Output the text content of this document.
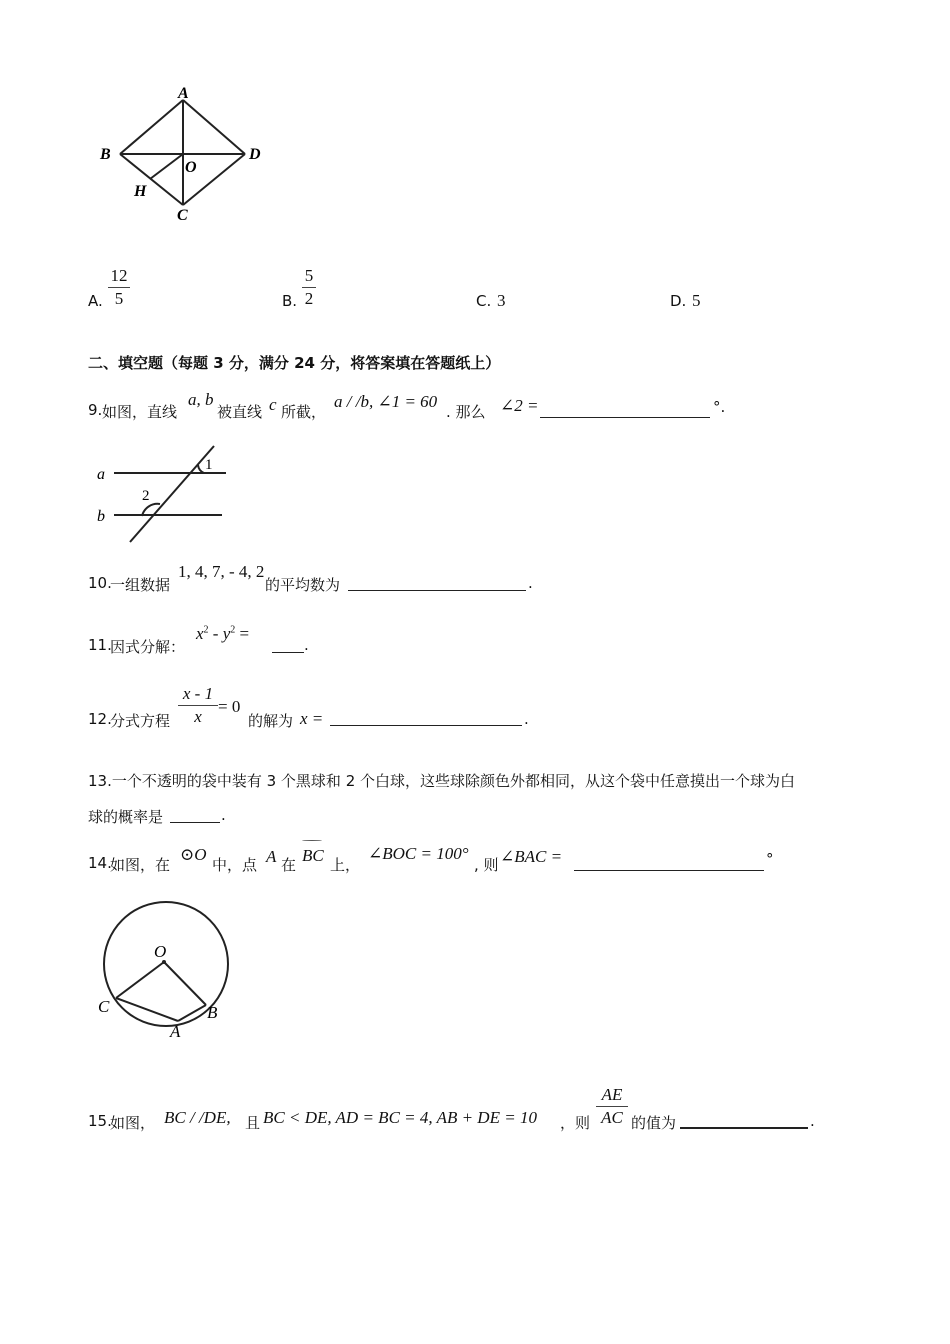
A
B	D
O
H
C
A.
12
5	B.
5
2	C. 3	D. 5
二、填空题（每题 3 分，满分 24 分，将答案填在答题纸上）
9. 如图，直线
a, b
被直线 c 所截，
a / /b, ∠1 = 60
. 那么 ∠2 =	°.
a
b
1
2
10.
一组数据
1, 4, 7, - 4, 2
的平均数为	.
11.
因式分解：
$x^2 - y^2$ =
.
12.
分式方程
x - 1
x
= 0
的解为 x =	.
13.一个不透明的袋中装有 3 个黑球和 2 个白球，这些球除颜色外都相同，从这个袋中任意摸出一个球为白
球的概率是	.
14.
如图，在
⊙O
中，点 A 在 BC 上，
∠BOC = 100°
, 则 ∠BAC =	°
O
C	B
A
15.
如图， BC / /DE, 且 BC < DE, AD = BC = 4, AB + DE = 10 ，则
AE
AC 的值为	.
